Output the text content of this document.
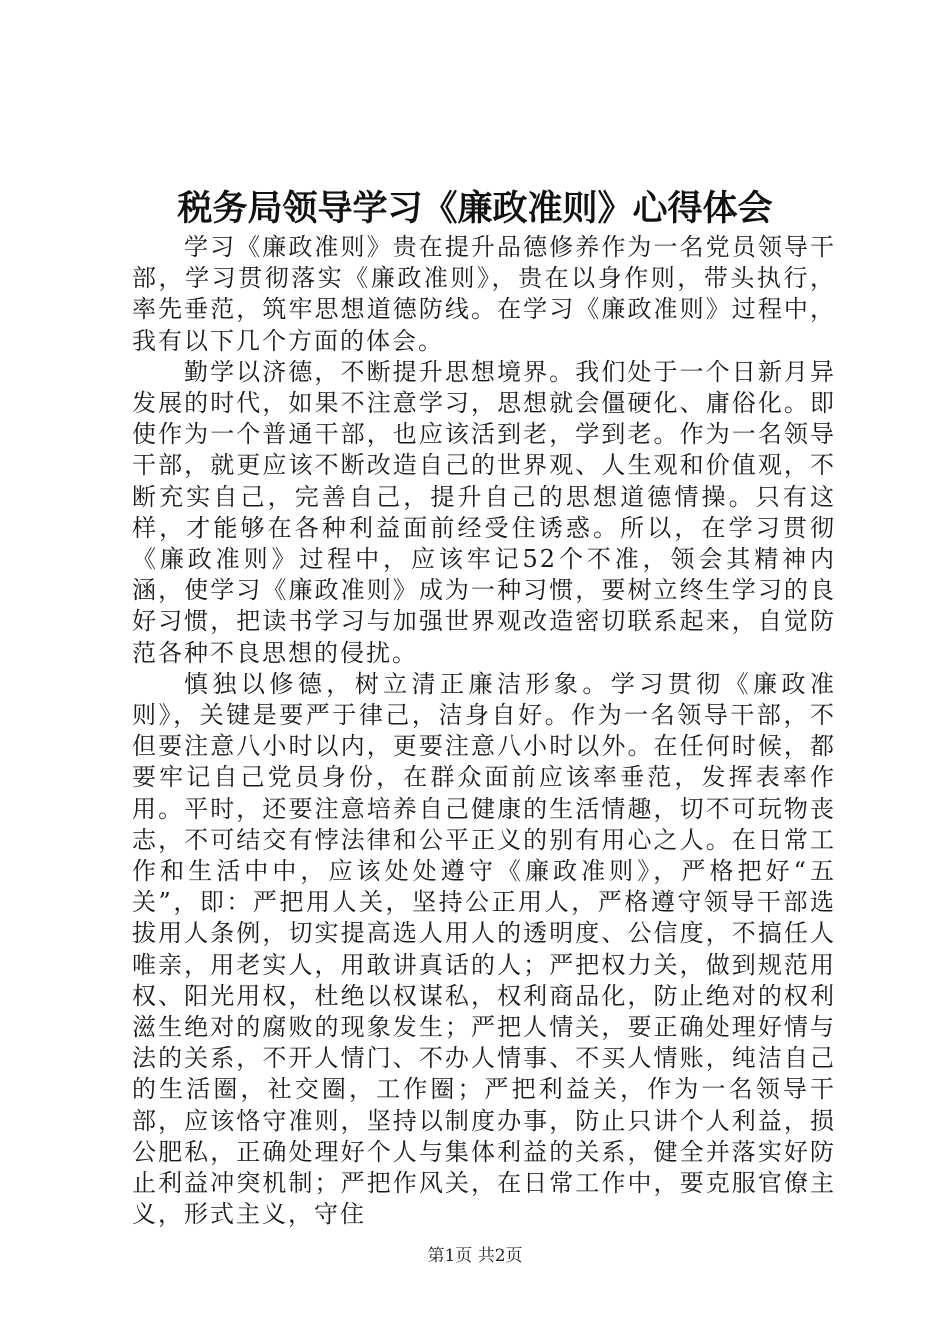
税务局领导学习《廉政准则》心得体会

学习《廉政准则》贵在提升品德修养作为一名党员领导干部，学习贯彻落实《廉政准则》，贵在以身作则，带头执行，率先垂范，筑牢思想道德防线。在学习《廉政准则》过程中，我有以下几个方面的体会。

勤学以济德，不断提升思想境界。我们处于一个日新月异发展的时代，如果不注意学习，思想就会僵硬化、庸俗化。即使作为一个普通干部，也应该活到老，学到老。作为一名领导干部，就更应该不断改造自己的世界观、人生观和价值观，不断充实自己，完善自己，提升自己的思想道德情操。只有这样，才能够在各种利益面前经受住诱惑。所以，在学习贯彻《廉政准则》过程中，应该牢记52个不准，领会其精神内涵，使学习《廉政准则》成为一种习惯，要树立终生学习的良好习惯，把读书学习与加强世界观改造密切联系起来，自觉防范各种不良思想的侵扰。

慎独以修德，树立清正廉洁形象。学习贯彻《廉政准则》，关键是要严于律己，洁身自好。作为一名领导干部，不但要注意八小时以内，更要注意八小时以外。在任何时候，都要牢记自己党员身份，在群众面前应该率垂范，发挥表率作用。平时，还要注意培养自己健康的生活情趣，切不可玩物丧志，不可结交有悖法律和公平正义的别有用心之人。在日常工作和生活中中，应该处处遵守《廉政准则》，严格把好“五关”，即：严把用人关，坚持公正用人，严格遵守领导干部选拔用人条例，切实提高选人用人的透明度、公信度，不搞任人唯亲，用老实人，用敢讲真话的人；严把权力关，做到规范用权、阳光用权，杜绝以权谋私，权利商品化，防止绝对的权利滋生绝对的腐败的现象发生；严把人情关，要正确处理好情与法的关系，不开人情门、不办人情事、不买人情账，纯洁自己的生活圈，社交圈，工作圈；严把利益关，作为一名领导干部，应该恪守准则，坚持以制度办事，防止只讲个人利益，损公肥私，正确处理好个人与集体利益的关系，健全并落实好防止利益冲突机制；严把作风关，在日常工作中，要克服官僚主义，形式主义，守住

第1页 共2页
